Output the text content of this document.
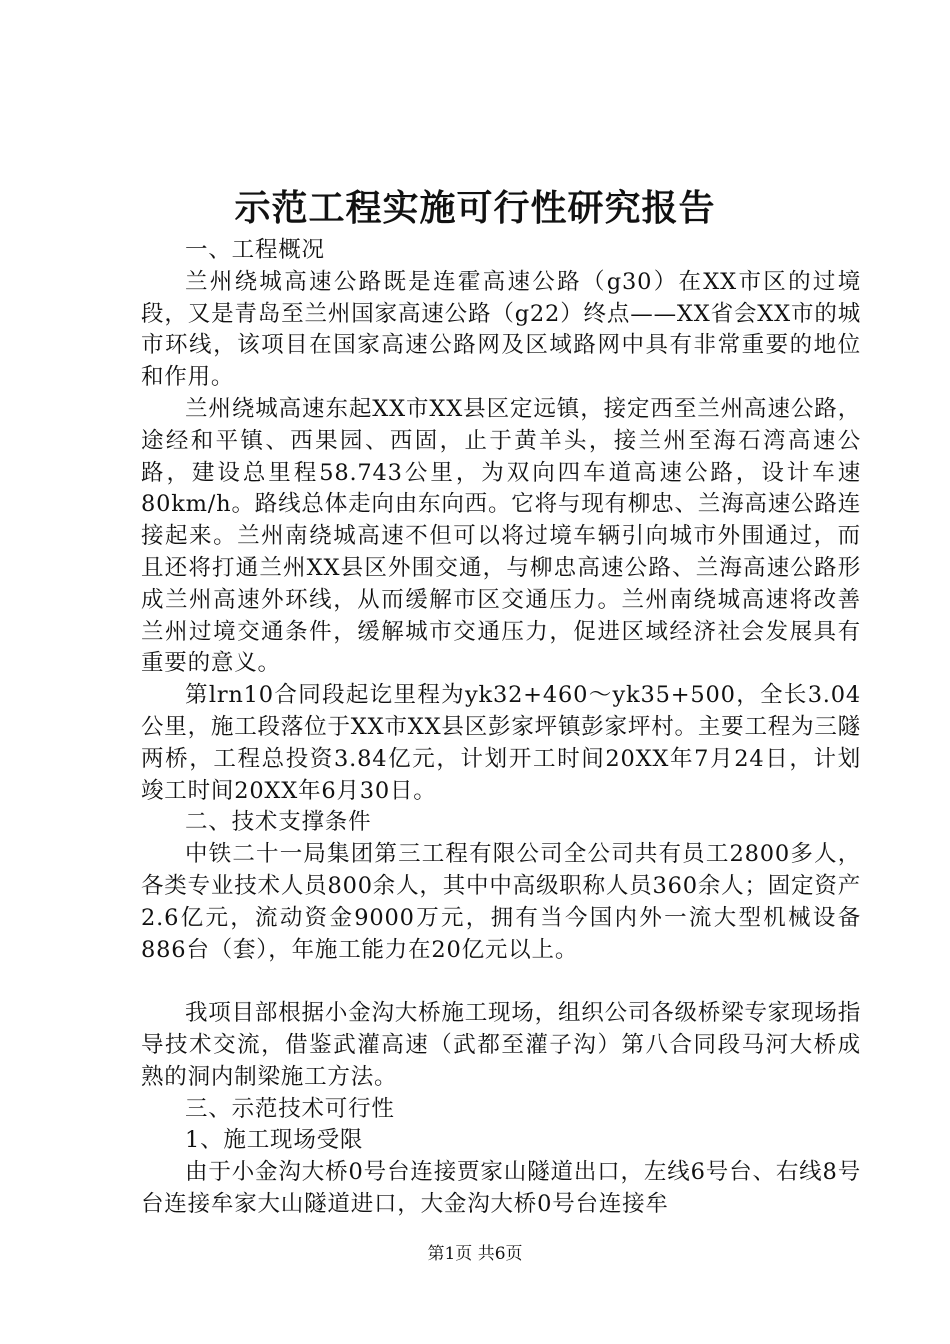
示范工程实施可行性研究报告

一、工程概况

兰州绕城高速公路既是连霍高速公路（g30）在XX市区的过境段，又是青岛至兰州国家高速公路（g22）终点——XX省会XX市的城市环线，该项目在国家高速公路网及区域路网中具有非常重要的地位和作用。

兰州绕城高速东起XX市XX县区定远镇，接定西至兰州高速公路，途经和平镇、西果园、西固，止于黄羊头，接兰州至海石湾高速公路，建设总里程58.743公里，为双向四车道高速公路，设计车速80km/h。路线总体走向由东向西。它将与现有柳忠、兰海高速公路连接起来。兰州南绕城高速不但可以将过境车辆引向城市外围通过，而且还将打通兰州XX县区外围交通，与柳忠高速公路、兰海高速公路形成兰州高速外环线，从而缓解市区交通压力。兰州南绕城高速将改善兰州过境交通条件，缓解城市交通压力，促进区域经济社会发展具有重要的意义。

第lrn10合同段起讫里程为yk32+460～yk35+500，全长3.04公里，施工段落位于XX市XX县区彭家坪镇彭家坪村。主要工程为三隧两桥，工程总投资3.84亿元，计划开工时间20XX年7月24日，计划竣工时间20XX年6月30日。

二、技术支撑条件

中铁二十一局集团第三工程有限公司全公司共有员工2800多人，各类专业技术人员800余人，其中中高级职称人员360余人；固定资产2.6亿元，流动资金9000万元，拥有当今国内外一流大型机械设备886台（套），年施工能力在20亿元以上。

我项目部根据小金沟大桥施工现场，组织公司各级桥梁专家现场指导技术交流，借鉴武灌高速（武都至灌子沟）第八合同段马河大桥成熟的洞内制梁施工方法。

三、示范技术可行性

1、施工现场受限

由于小金沟大桥0号台连接贾家山隧道出口，左线6号台、右线8号台连接牟家大山隧道进口，大金沟大桥0号台连接牟

第1页 共6页
